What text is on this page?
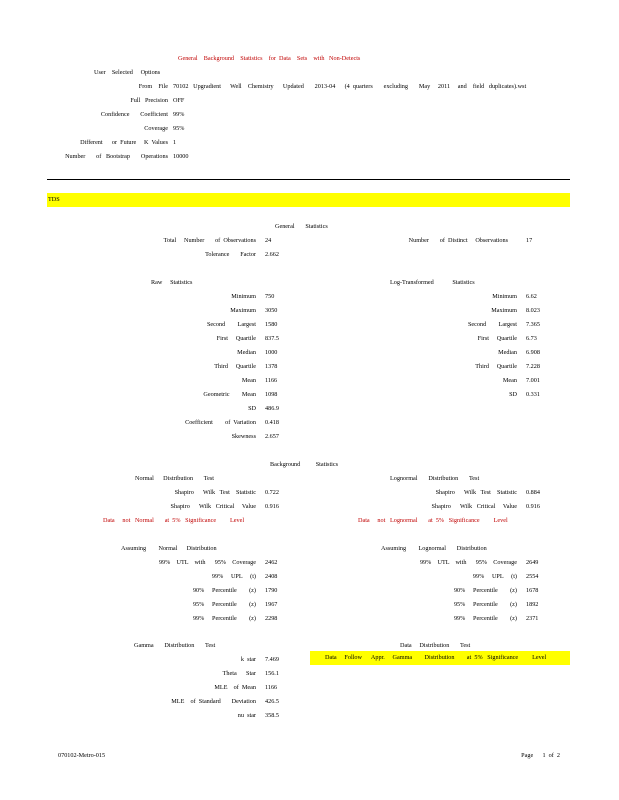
General    Background    Statistics    for  Data    Sets    with   Non-Detects
User    Selected     Options
From    File 70102   Upgradient      Well    Chemistry      Updated       2013-04      (4  quarters       excluding       May     2011     and    field   duplicates).wst
Full   Precision OFF
Confidence       Coefficient 99%
Coverage 95%
Different      or  Future     K  Values 1
Number       of   Bootstrap       Operations 10000
TDS
General       Statistics
Total     Number       of  Observations 24	Number       of  Distinct     Observations	17
Tolerance       Factor 2.662
Raw     Statistics
Minimum 750
Maximum 3050
Second        Largest 1580
First     Quartile 837.5
Median 1000
Third     Quartile 1378
Mean 1166
Geometric        Mean 1098
SD 486.9
Coefficient        of  Variation 0.418
Skewness 2.657
Log-Transformed            Statistics
Minimum 6.62
Maximum 8.023
Second        Largest 7.365
First     Quartile 6.73
Median 6.908
Third     Quartile 7.228
Mean 7.001
SD 0.331
Background          Statistics
Normal      Distribution       Test
Shapiro      Wilk   Test    Statistic 0.722
Shapiro      Wilk   Critical     Value 0.916
Data     not   Normal       at  5%   Significance         Level
Lognormal       Distribution       Test
Shapiro      Wilk   Test    Statistic 0.884
Shapiro      Wilk   Critical     Value 0.916
Data     not   Lognormal       at  5%   Significance         Level
Assuming        Normal      Distribution
99%    UTL    with      95%    Coverage 2462
99%     UPL     (t) 2408
90%     Percentile        (z) 1790
95%     Percentile        (z) 1967
99%     Percentile        (z) 2298
Assuming        Lognormal       Distribution
99%    UTL    with      95%    Coverage 2649
99%     UPL     (t) 2554
90%     Percentile        (z) 1678
95%     Percentile        (z) 1892
99%     Percentile        (z) 2371
Gamma       Distribution       Test
k  star 7.469
Theta      Star 156.1
MLE    of  Mean 1166
MLE    of  Standard       Deviation 426.5
nu  star 358.5
Data     Distribution       Test
Data     Follow      Appr.     Gamma        Distribution        at  5%   Significance         Level
070102-Metro-015	Page      1  of  2
